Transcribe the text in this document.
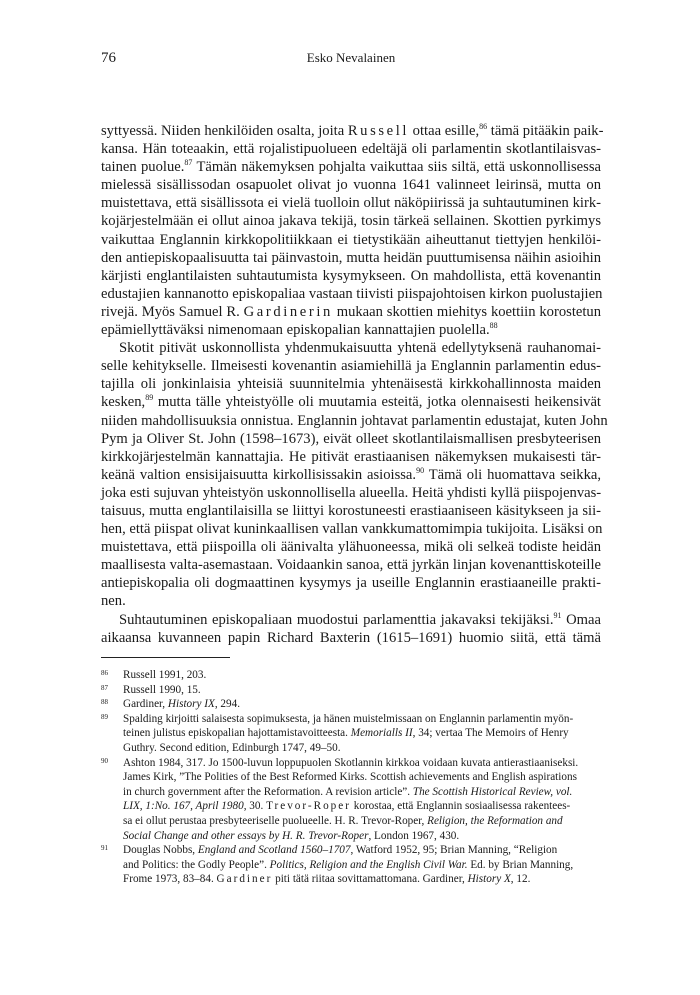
76	Esko Nevalainen
syttyessä. Niiden henkilöiden osalta, joita Russell ottaa esille,$^{86}$ tämä pitääkin paik-
kansa. Hän toteaakin, että rojalistipuolueen edeltäjä oli parlamentin skotlantilaisvas-
tainen puolue.$^{87}$ Tämän näkemyksen pohjalta vaikuttaa siis siltä, että uskonnollisessa
mielessä sisällissodan osapuolet olivat jo vuonna 1641 valinneet leirinsä, mutta on
muistettava, että sisällissota ei vielä tuolloin ollut näköpiirissä ja suhtautuminen kirk-
kojärjestelmään ei ollut ainoa jakava tekijä, tosin tärkeä sellainen. Skottien pyrkimys
vaikuttaa Englannin kirkkopolitiikkaan ei tietystikään aiheuttanut tiettyjen henkilöi-
den antiepiskopaalisuutta tai päinvastoin, mutta heidän puuttumisensa näihin asioihin
kärjisti englantilaisten suhtautumista kysymykseen. On mahdollista, että kovenantin
edustajien kannanotto episkopaliaa vastaan tiivisti piispajohtoisen kirkon puolustajien
rivejä. Myös Samuel R. Gardinerin mukaan skottien miehitys koettiin korostetun
epämiellyttäväksi nimenomaan episkopalian kannattajien puolella.$^{88}$
Skotit pitivät uskonnollista yhdenmukaisuutta yhtenä edellytyksenä rauhanomai-
selle kehitykselle. Ilmeisesti kovenantin asiamiehillä ja Englannin parlamentin edus-
tajilla oli jonkinlaisia yhteisiä suunnitelmia yhtenäisestä kirkkohallinnosta maiden
kesken,$^{89}$ mutta tälle yhteistyölle oli muutamia esteitä, jotka olennaisesti heikensivät
niiden mahdollisuuksia onnistua. Englannin johtavat parlamentin edustajat, kuten John
Pym ja Oliver St. John (1598–1673), eivät olleet skotlantilaismallisen presbyteerisen
kirkkojärjestelmän kannattajia. He pitivät erastiaanisen näkemyksen mukaisesti tär-
keänä valtion ensisijaisuutta kirkollisissakin asioissa.$^{90}$ Tämä oli huomattava seikka,
joka esti sujuvan yhteistyön uskonnollisella alueella. Heitä yhdisti kyllä piispojenvas-
taisuus, mutta englantilaisilla se liittyi korostuneesti erastiaaniseen käsitykseen ja sii-
hen, että piispat olivat kuninkaallisen vallan vankkumattomimpia tukijoita. Lisäksi on
muistettava, että piispoilla oli äänivalta ylähuoneessa, mikä oli selkeä todiste heidän
maallisesta valta-asemastaan. Voidaankin sanoa, että jyrkän linjan kovenanttiskoteille
antiepiskopalia oli dogmaattinen kysymys ja useille Englannin erastiaaneille prakti-
nen.
Suhtautuminen episkopaliaan muodostui parlamenttia jakavaksi tekijäksi.$^{91}$ Omaa
aikaansa kuvanneen papin Richard Baxterin (1615–1691) huomio siitä, että tämä
86 Russell 1991, 203.
87 Russell 1990, 15.
88 Gardiner, History IX, 294.
89 Spalding kirjoitti salaisesta sopimuksesta, ja hänen muistelmissaan on Englannin parlamentin myön-
teinen julistus episkopalian hajottamistavoitteesta. Memorialls II, 34; vertaa The Memoirs of Henry
Guthry. Second edition, Edinburgh 1747, 49–50.
90 Ashton 1984, 317. Jo 1500-luvun loppupuolen Skotlannin kirkkoa voidaan kuvata antierastiaaniseksi.
James Kirk, ”The Polities of the Best Reformed Kirks. Scottish achievements and English aspirations
in church government after the Reformation. A revision article”. The Scottish Historical Review, vol.
LIX, 1:No. 167, April 1980, 30. Trevor-Roper korostaa, että Englannin sosiaalisessa rakentees-
sa ei ollut perustaa presbyteeriselle puolueelle. H. R. Trevor-Roper, Religion, the Reformation and
Social Change and other essays by H. R. Trevor-Roper, London 1967, 430.
91 Douglas Nobbs, England and Scotland 1560–1707, Watford 1952, 95; Brian Manning, “Religion
and Politics: the Godly People”. Politics, Religion and the English Civil War. Ed. by Brian Manning,
Frome 1973, 83–84. Gardiner piti tätä riitaa sovittamattomana. Gardiner, History X, 12.
